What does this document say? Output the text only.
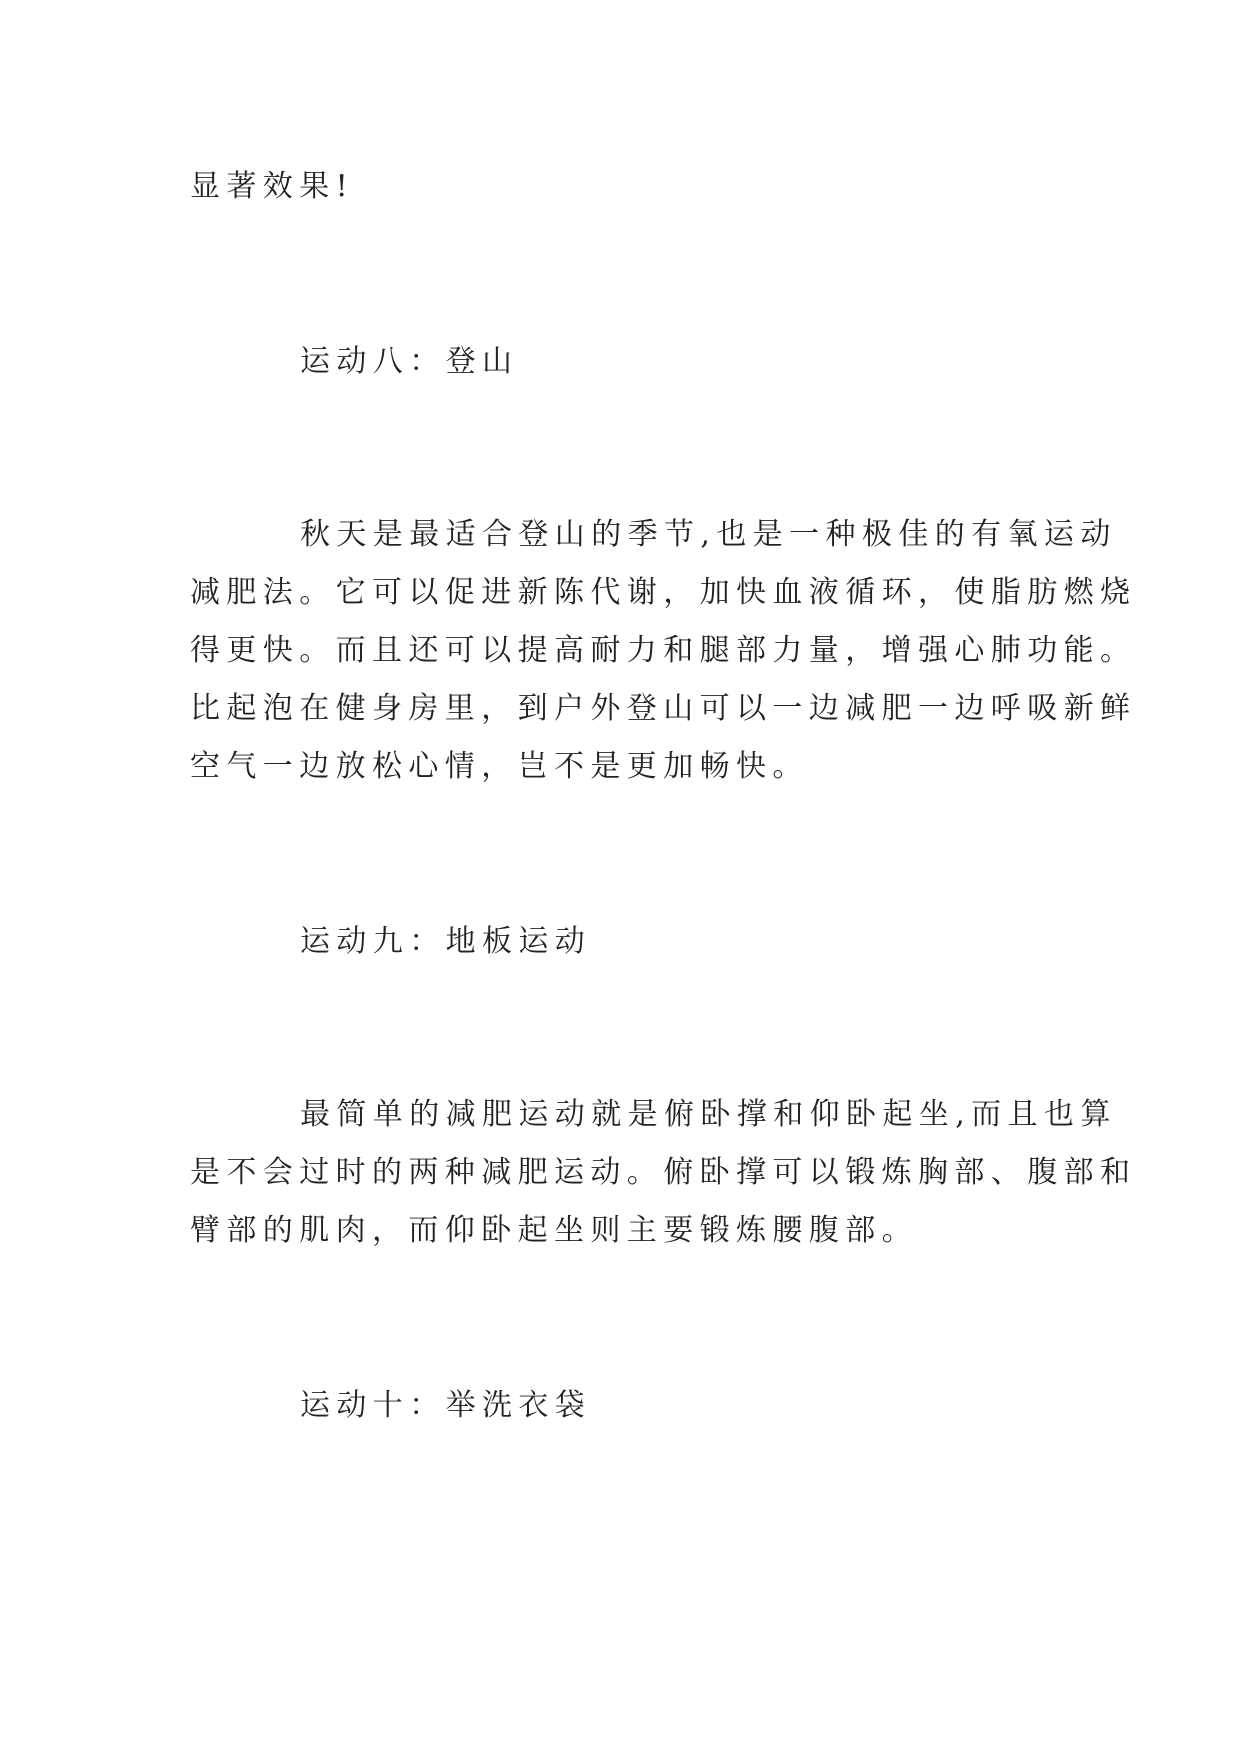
显著效果!
运动八：登山
秋天是最适合登山的季节,也是一种极佳的有氧运动
减肥法。它可以促进新陈代谢，加快血液循环，使脂肪燃烧
得更快。而且还可以提高耐力和腿部力量，增强心肺功能。
比起泡在健身房里，到户外登山可以一边减肥一边呼吸新鲜
空气一边放松心情，岂不是更加畅快。
运动九：地板运动
最简单的减肥运动就是俯卧撑和仰卧起坐,而且也算
是不会过时的两种减肥运动。俯卧撑可以锻炼胸部、腹部和
臂部的肌肉，而仰卧起坐则主要锻炼腰腹部。
运动十：举洗衣袋
